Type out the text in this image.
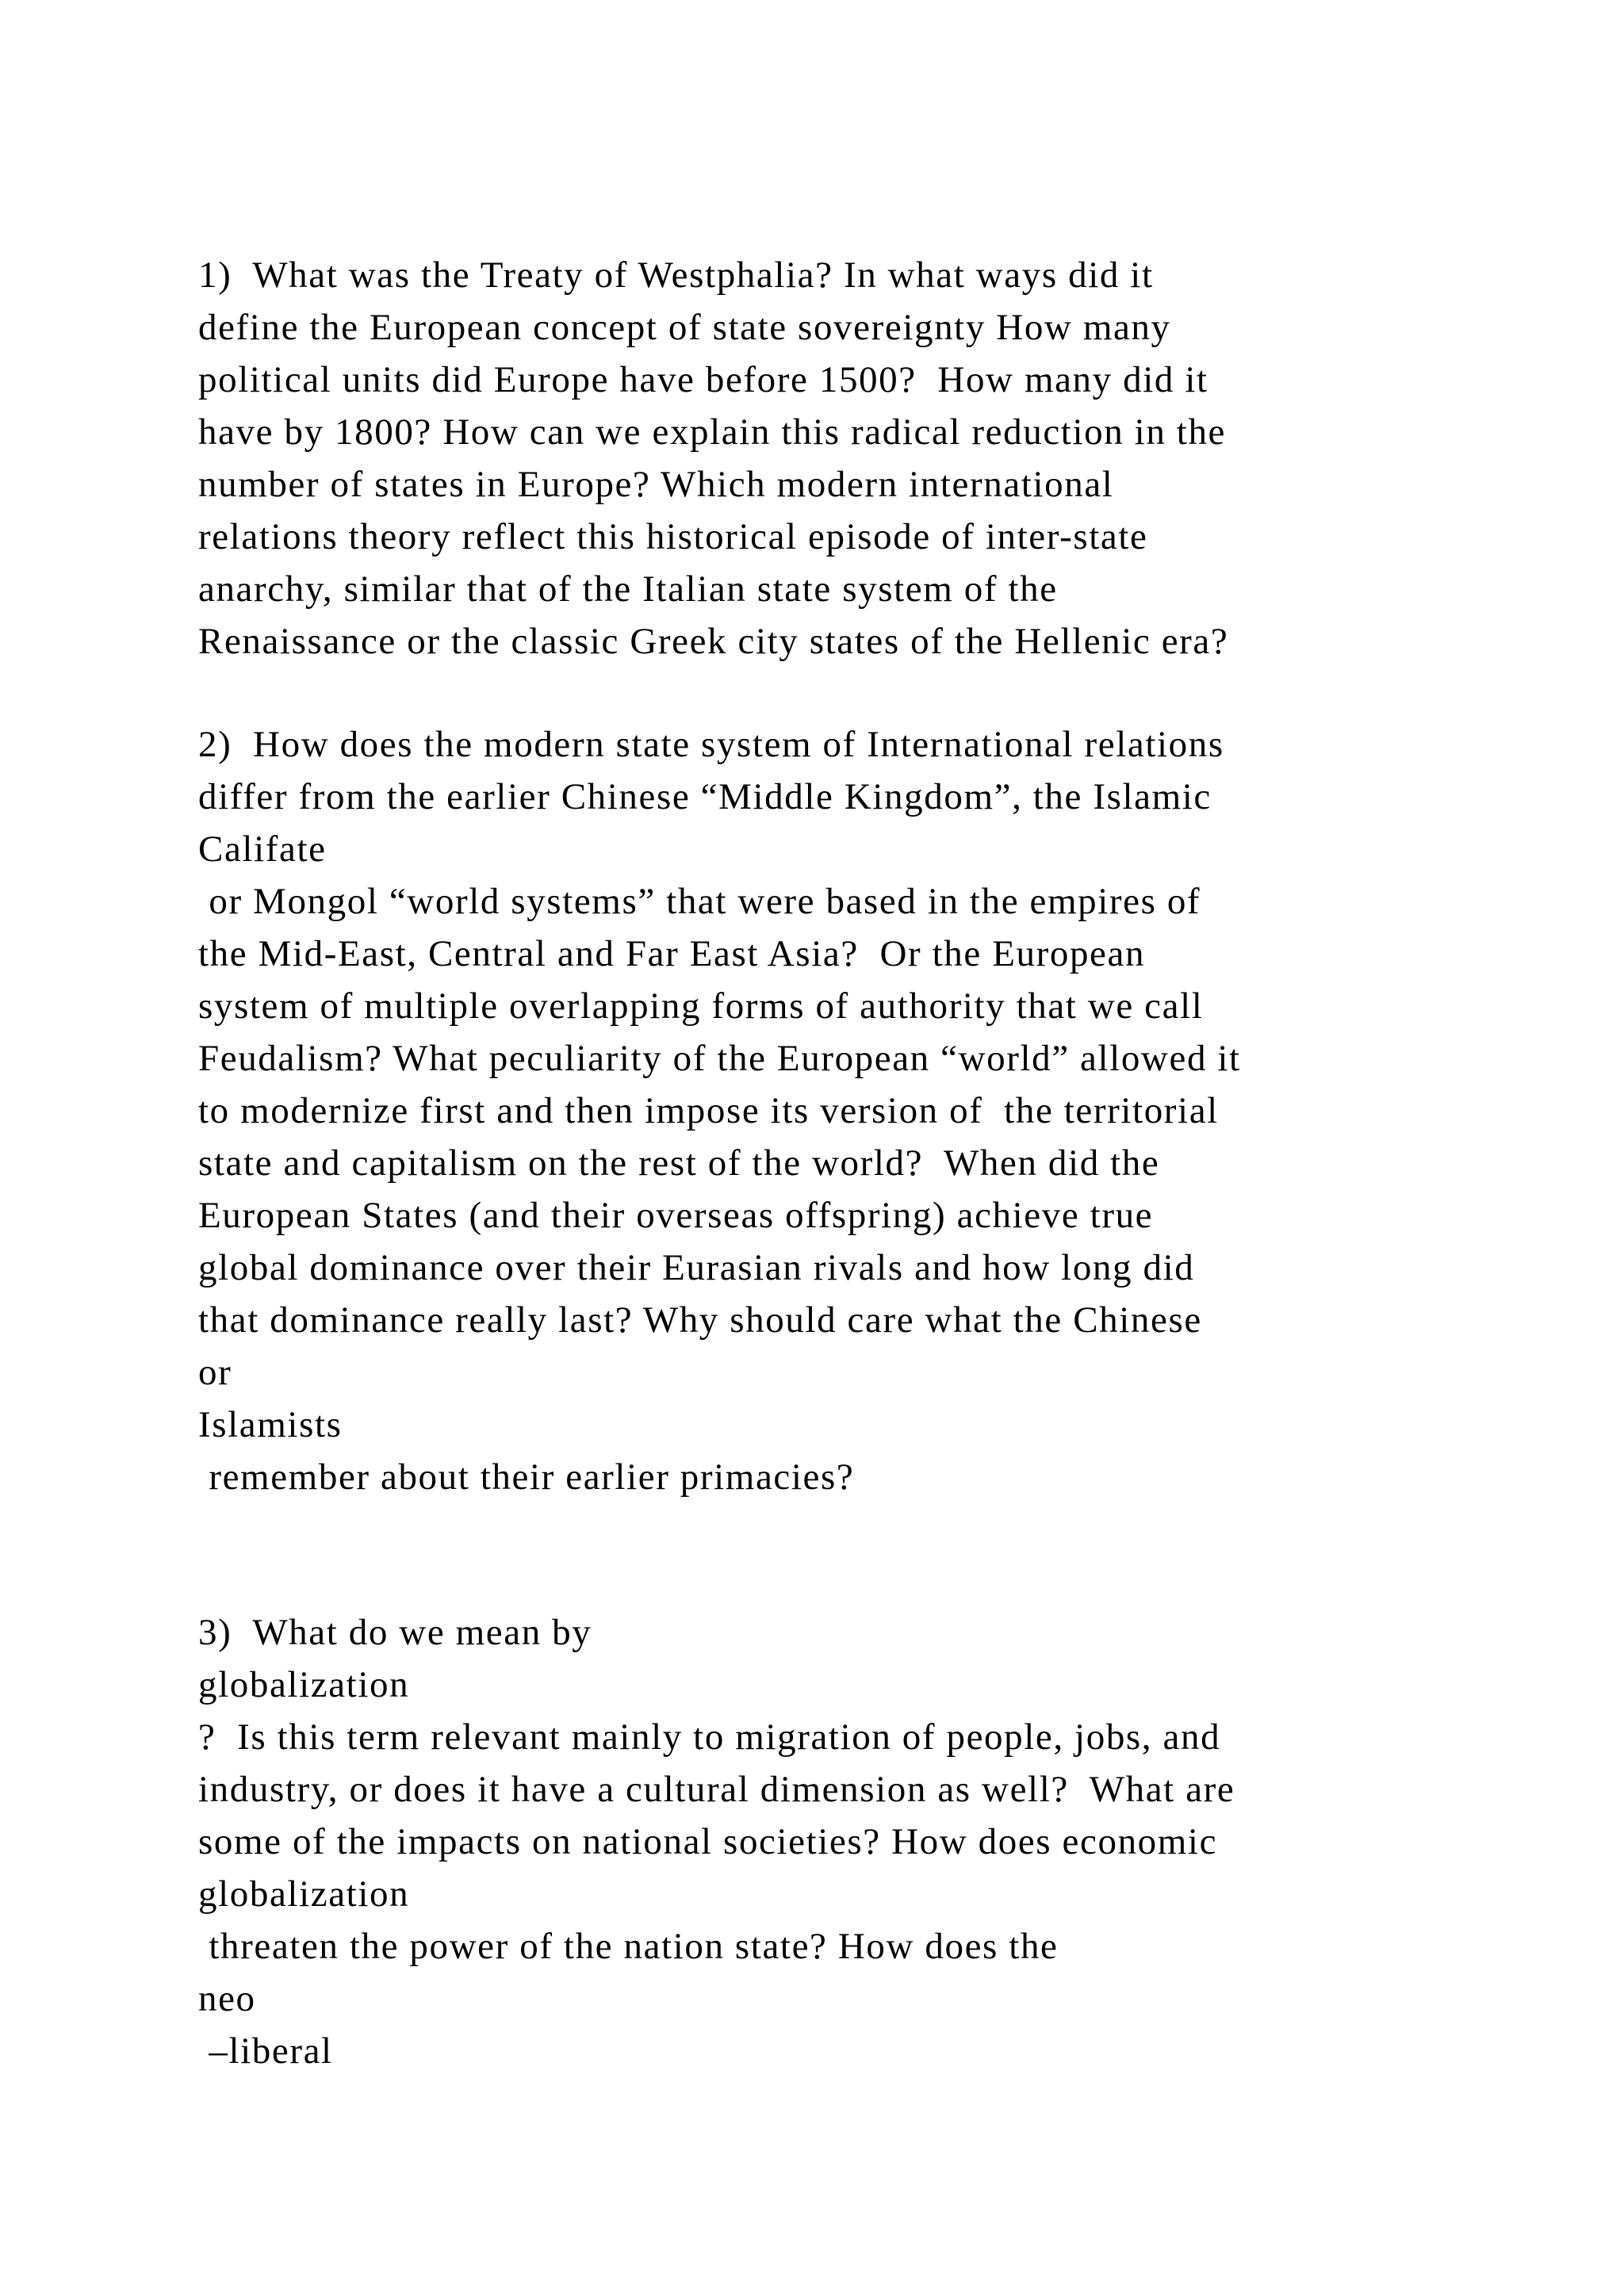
1)  What was the Treaty of Westphalia? In what ways did it
define the European concept of state sovereignty How many
political units did Europe have before 1500?  How many did it
have by 1800? How can we explain this radical reduction in the
number of states in Europe? Which modern international
relations theory reflect this historical episode of inter-state
anarchy, similar that of the Italian state system of the
Renaissance or the classic Greek city states of the Hellenic era?
2)  How does the modern state system of International relations
differ from the earlier Chinese “Middle Kingdom”, the Islamic
Califate
or Mongol “world systems” that were based in the empires of
the Mid-East, Central and Far East Asia?  Or the European
system of multiple overlapping forms of authority that we call
Feudalism? What peculiarity of the European “world” allowed it
to modernize first and then impose its version of  the territorial
state and capitalism on the rest of the world?  When did the
European States (and their overseas offspring) achieve true
global dominance over their Eurasian rivals and how long did
that dominance really last? Why should care what the Chinese
or
Islamists
remember about their earlier primacies?
3)  What do we mean by
globalization
?  Is this term relevant mainly to migration of people, jobs, and
industry, or does it have a cultural dimension as well?  What are
some of the impacts on national societies? How does economic
globalization
threaten the power of the nation state? How does the
neo
–liberal
